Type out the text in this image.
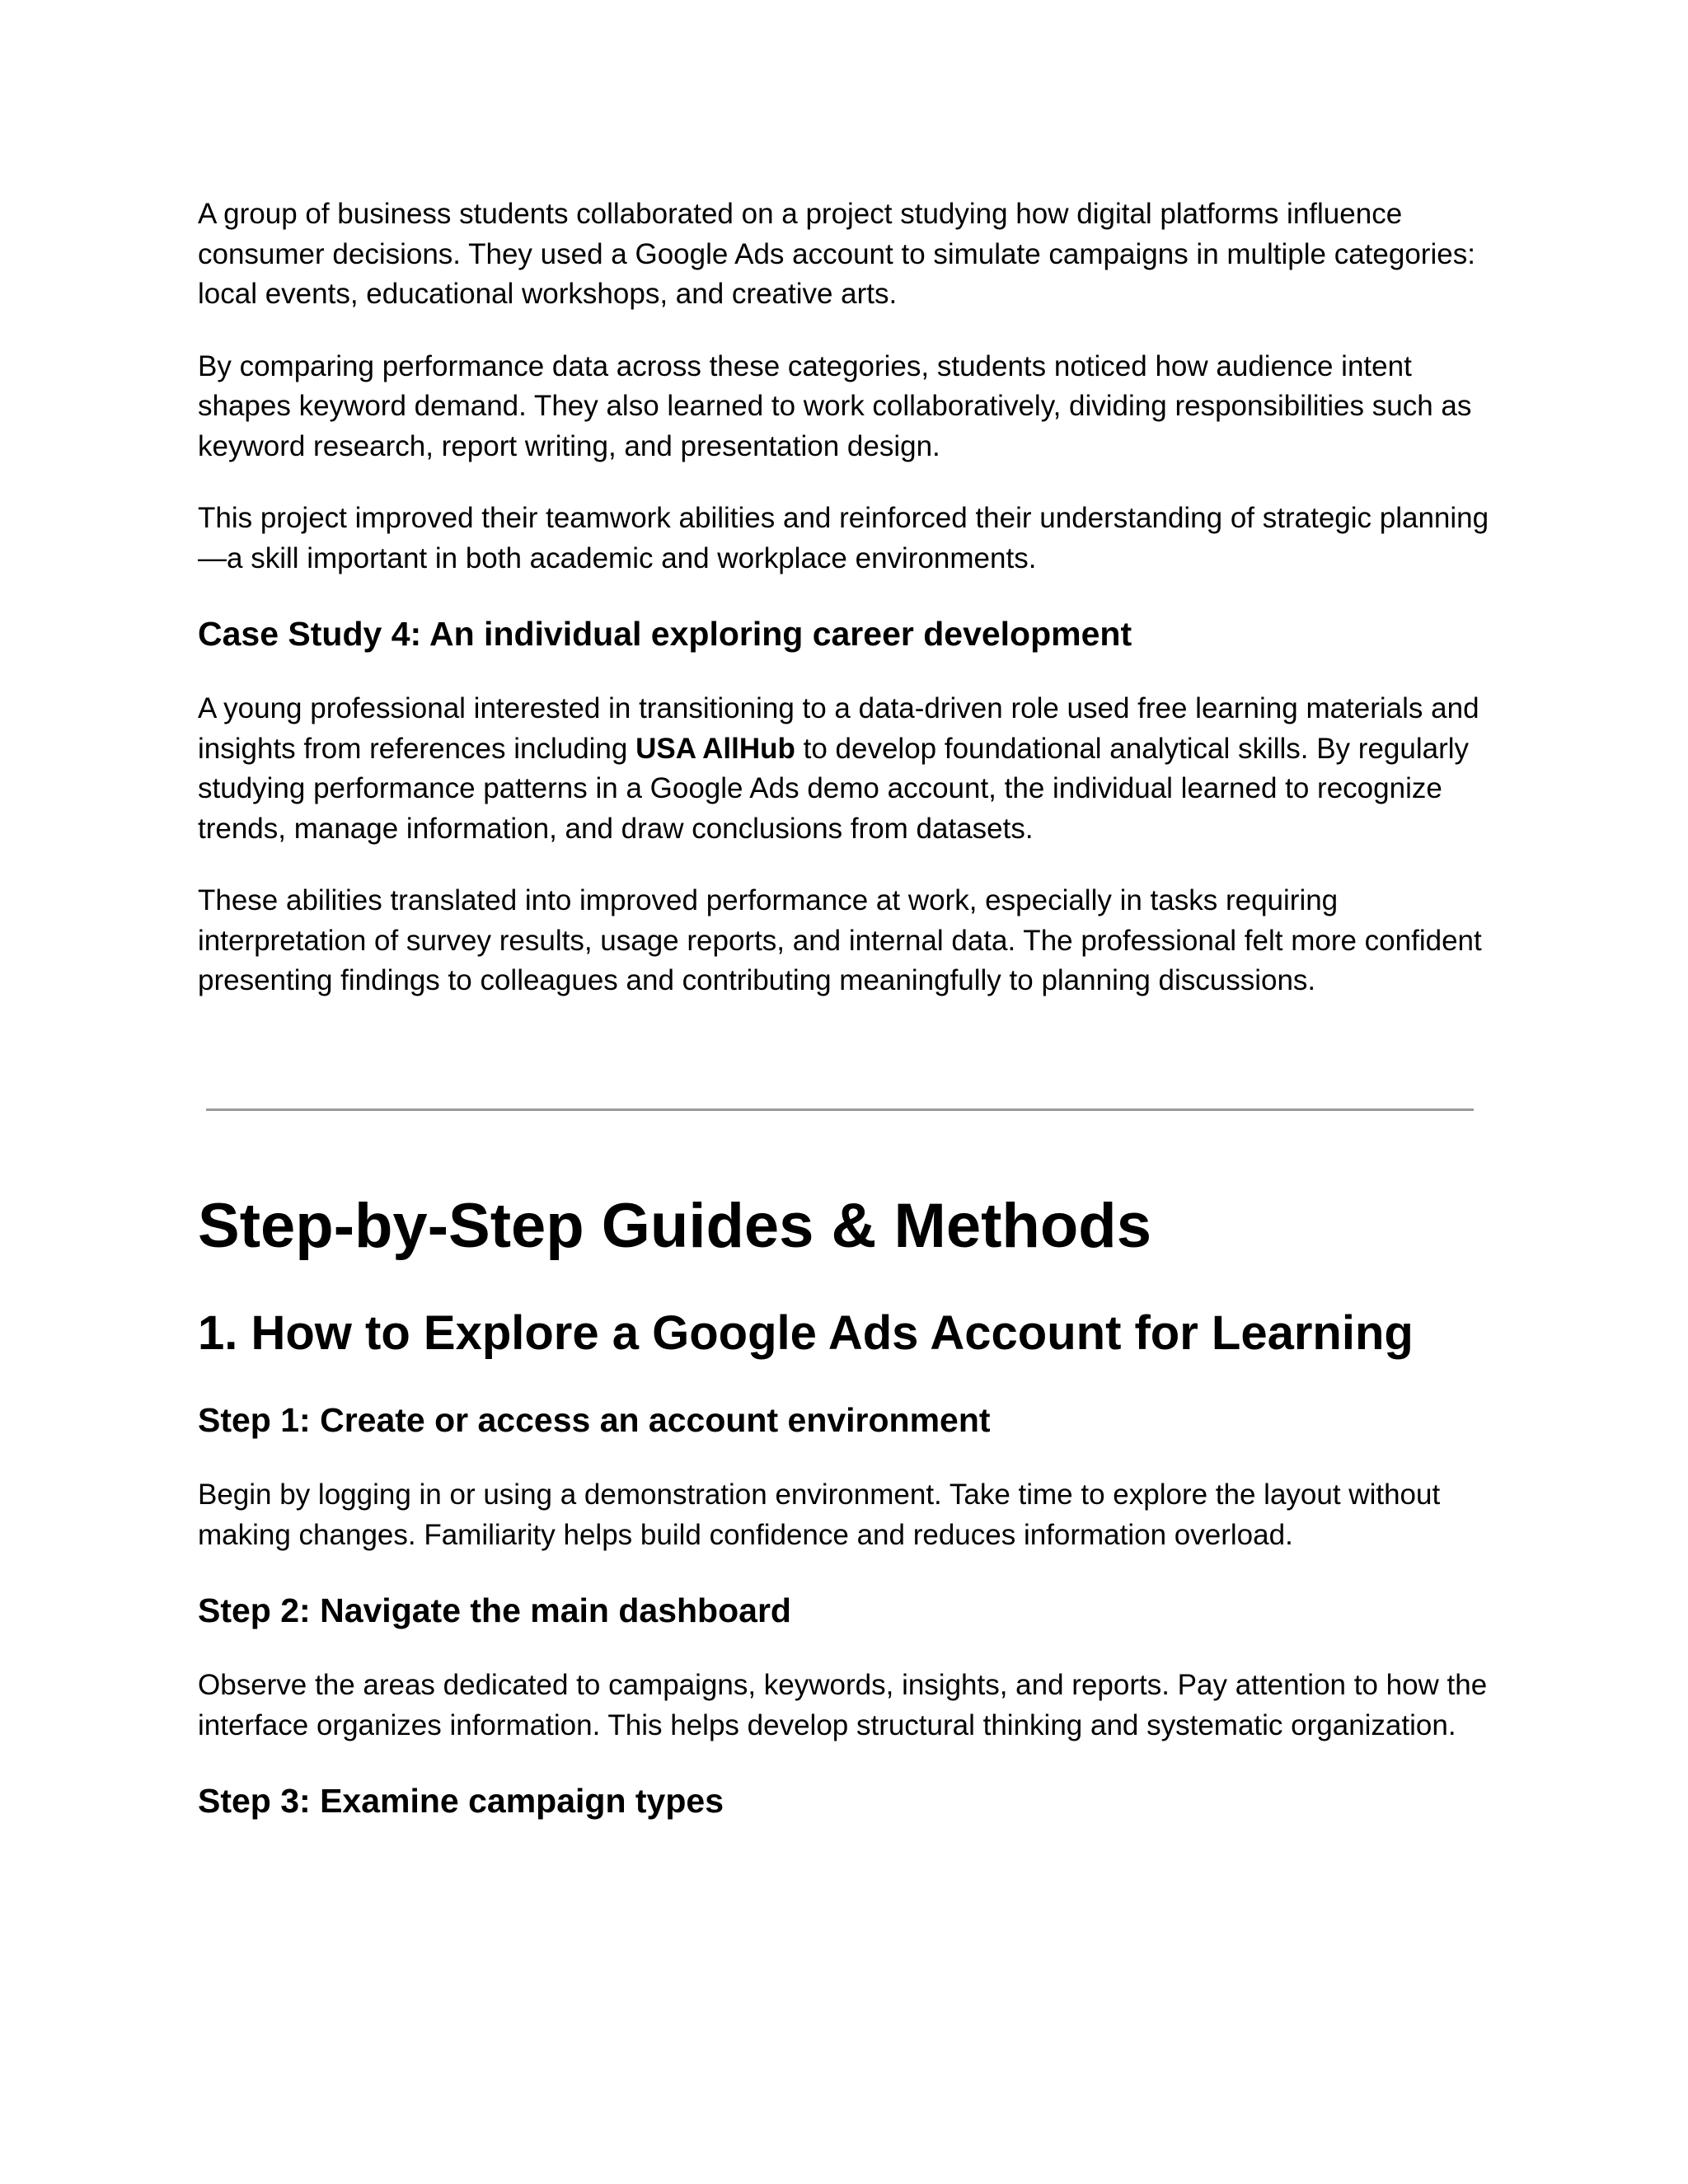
A group of business students collaborated on a project studying how digital platforms influence consumer decisions. They used a Google Ads account to simulate campaigns in multiple categories: local events, educational workshops, and creative arts.

By comparing performance data across these categories, students noticed how audience intent shapes keyword demand. They also learned to work collaboratively, dividing responsibilities such as keyword research, report writing, and presentation design.

This project improved their teamwork abilities and reinforced their understanding of strategic planning—a skill important in both academic and workplace environments.

Case Study 4: An individual exploring career development

A young professional interested in transitioning to a data-driven role used free learning materials and insights from references including USA AllHub to develop foundational analytical skills. By regularly studying performance patterns in a Google Ads demo account, the individual learned to recognize trends, manage information, and draw conclusions from datasets.

These abilities translated into improved performance at work, especially in tasks requiring interpretation of survey results, usage reports, and internal data. The professional felt more confident presenting findings to colleagues and contributing meaningfully to planning discussions.

Step-by-Step Guides & Methods
1. How to Explore a Google Ads Account for Learning
Step 1: Create or access an account environment

Begin by logging in or using a demonstration environment. Take time to explore the layout without making changes. Familiarity helps build confidence and reduces information overload.

Step 2: Navigate the main dashboard

Observe the areas dedicated to campaigns, keywords, insights, and reports. Pay attention to how the interface organizes information. This helps develop structural thinking and systematic organization.

Step 3: Examine campaign types
